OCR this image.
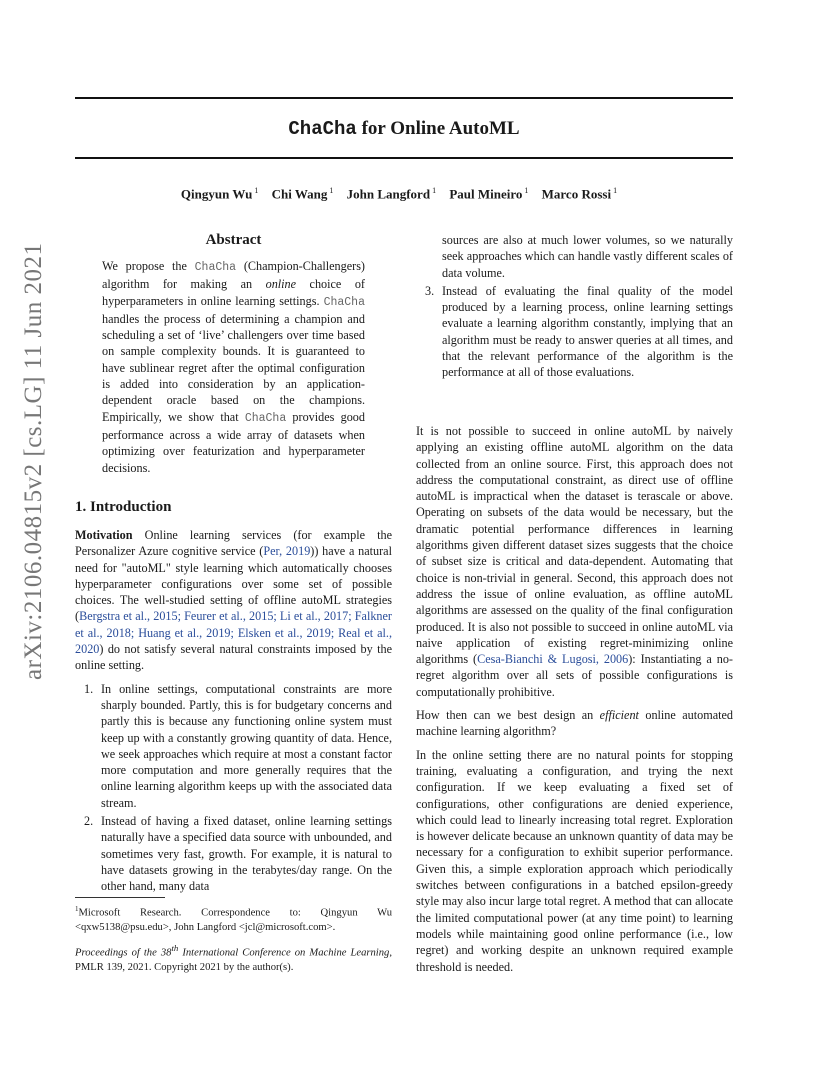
ChaCha for Online AutoML
Qingyun Wu $^1$ Chi Wang $^1$ John Langford $^1$ Paul Mineiro $^1$ Marco Rossi $^1$
arXiv:2106.04815v2 [cs.LG] 11 Jun 2021
Abstract
We propose the ChaCha (Champion-Challengers) algorithm for making an online choice of hyperparameters in online learning settings. ChaCha handles the process of determining a champion and scheduling a set of ‘live’ challengers over time based on sample complexity bounds. It is guaranteed to have sublinear regret after the optimal configuration is added into consideration by an application-dependent oracle based on the champions. Empirically, we show that ChaCha provides good performance across a wide array of datasets when optimizing over featurization and hyperparameter decisions.
1. Introduction

Motivation Online learning services (for example the Personalizer Azure cognitive service (Per, 2019)) have a natural need for "autoML" style learning which automatically chooses hyperparameter configurations over some set of possible choices. The well-studied setting of offline autoML strategies (Bergstra et al., 2015; Feurer et al., 2015; Li et al., 2017; Falkner et al., 2018; Huang et al., 2019; Elsken et al., 2019; Real et al., 2020) do not satisfy several natural constraints imposed by the online setting.

1. In online settings, computational constraints are more sharply bounded. Partly, this is for budgetary concerns and partly this is because any functioning online system must keep up with a constantly growing quantity of data. Hence, we seek approaches which require at most a constant factor more computation and more generally requires that the online learning algorithm keeps up with the associated data stream.
2. Instead of having a fixed dataset, online learning settings naturally have a specified data source with unbounded, and sometimes very fast, growth. For example, it is natural to have datasets growing in the terabytes/day range. On the other hand, many data
sources are also at much lower volumes, so we naturally seek approaches which can handle vastly different scales of data volume.
3. Instead of evaluating the final quality of the model produced by a learning process, online learning settings evaluate a learning algorithm constantly, implying that an algorithm must be ready to answer queries at all times, and that the relevant performance of the algorithm is the performance at all of those evaluations.

It is not possible to succeed in online autoML by naively applying an existing offline autoML algorithm on the data collected from an online source. First, this approach does not address the computational constraint, as direct use of offline autoML is impractical when the dataset is terascale or above. Operating on subsets of the data would be necessary, but the dramatic potential performance differences in learning algorithms given different dataset sizes suggests that the choice of subset size is critical and data-dependent. Automating that choice is non-trivial in general. Second, this approach does not address the issue of online evaluation, as offline autoML algorithms are assessed on the quality of the final configuration produced. It is also not possible to succeed in online autoML via naive application of existing regret-minimizing online algorithms (Cesa-Bianchi & Lugosi, 2006): Instantiating a no-regret algorithm over all sets of possible configurations is computationally prohibitive.

How then can we best design an efficient online automated machine learning algorithm?

In the online setting there are no natural points for stopping training, evaluating a configuration, and trying the next configuration. If we keep evaluating a fixed set of configurations, other configurations are denied experience, which could lead to linearly increasing total regret. Exploration is however delicate because an unknown quantity of data may be necessary for a configuration to exhibit superior performance. Given this, a simple exploration approach which periodically switches between configurations in a batched epsilon-greedy style may also incur large total regret. A method that can allocate the limited computational power (at any time point) to learning models while maintaining good online performance (i.e., low regret) and working despite an unknown required example threshold is needed.

$^1$Microsoft Research. Correspondence to: Qingyun Wu <qxw5138@psu.edu>, John Langford <jcl@microsoft.com>.
Proceedings of the 38th International Conference on Machine Learning, PMLR 139, 2021. Copyright 2021 by the author(s).
